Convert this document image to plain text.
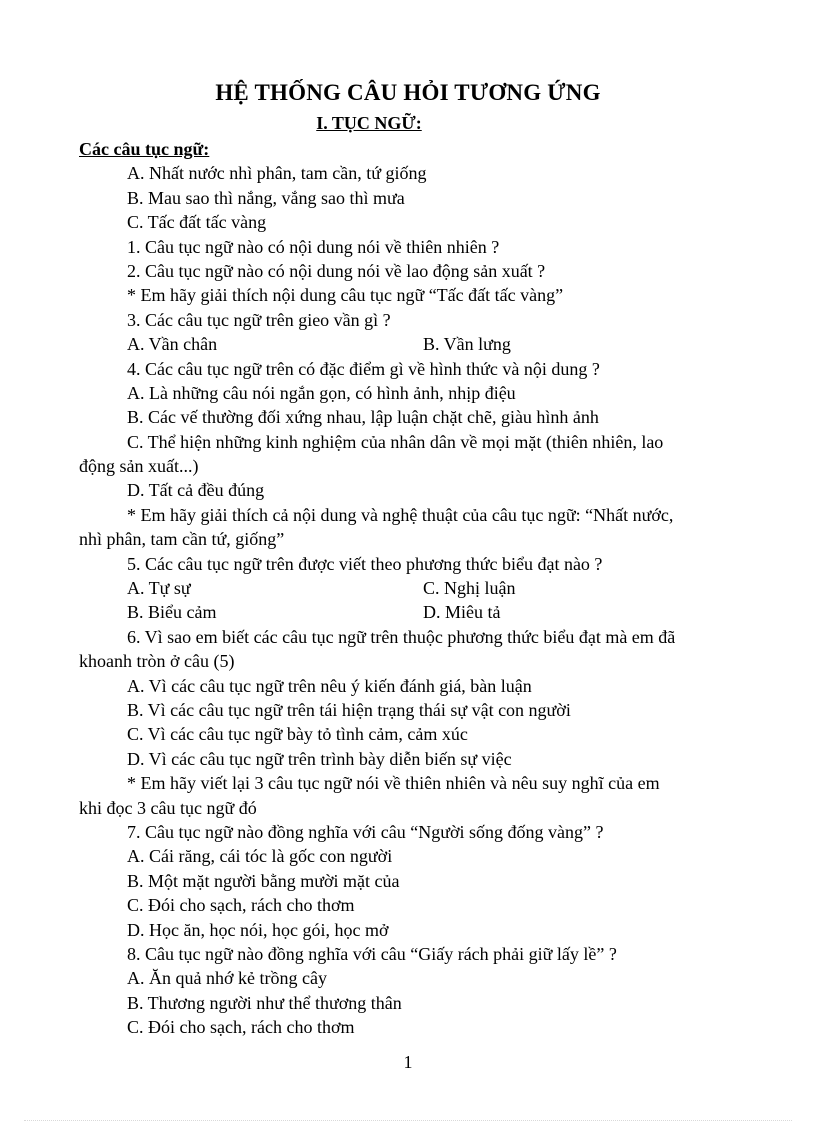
HỆ THỐNG CÂU HỎI TƯƠNG ỨNG
I. TỤC NGỮ:
Các câu tục ngữ:
A. Nhất nước nhì phân, tam cần, tứ giống
B. Mau sao thì nắng, vắng sao thì mưa
C. Tấc đất tấc vàng
1. Câu tục ngữ nào có nội dung nói về thiên nhiên ?
2. Câu tục ngữ nào có nội dung nói về lao động sản xuất ?
* Em hãy giải thích nội dung câu tục ngữ “Tấc đất tấc vàng”
3. Các câu tục ngữ trên gieo vần gì ?
A. Vần chân	B. Vần lưng
4. Các câu tục ngữ trên có đặc điểm gì về hình thức và nội dung ?
A. Là những câu nói ngắn gọn, có hình ảnh, nhịp điệu
B. Các vế thường đối xứng nhau, lập luận chặt chẽ, giàu hình ảnh
C. Thể hiện những kinh nghiệm của nhân dân về mọi mặt (thiên nhiên, lao
động sản xuất...)
D. Tất cả đều đúng
* Em hãy giải thích cả nội dung và nghệ thuật của câu tục ngữ: “Nhất nước,
nhì phân, tam cần tứ, giống”
5. Các câu tục ngữ trên được viết theo phương thức biểu đạt nào ?
A. Tự sự	C. Nghị luận
B. Biểu cảm	D. Miêu tả
6. Vì sao em biết các câu tục ngữ trên thuộc phương thức biểu đạt mà em đã
khoanh tròn ở câu (5)
A. Vì các câu tục ngữ trên nêu ý kiến đánh giá, bàn luận
B. Vì các câu tục ngữ trên tái hiện trạng thái sự vật con người
C. Vì các câu tục ngữ bày tỏ tình cảm, cảm xúc
D. Vì các câu tục ngữ trên trình bày diễn biến sự việc
* Em hãy viết lại 3 câu tục ngữ nói về thiên nhiên và nêu suy nghĩ của em
khi đọc 3 câu tục ngữ đó
7. Câu tục ngữ nào đồng nghĩa với câu “Người sống đống vàng” ?
A. Cái răng, cái tóc là gốc con người
B. Một mặt người bằng mười mặt của
C. Đói cho sạch, rách cho thơm
D. Học ăn, học nói, học gói, học mở
8. Câu tục ngữ nào đồng nghĩa với câu “Giấy rách phải giữ lấy lề” ?
A. Ăn quả nhớ kẻ trồng cây
B. Thương người như thể thương thân
C. Đói cho sạch, rách cho thơm
1
